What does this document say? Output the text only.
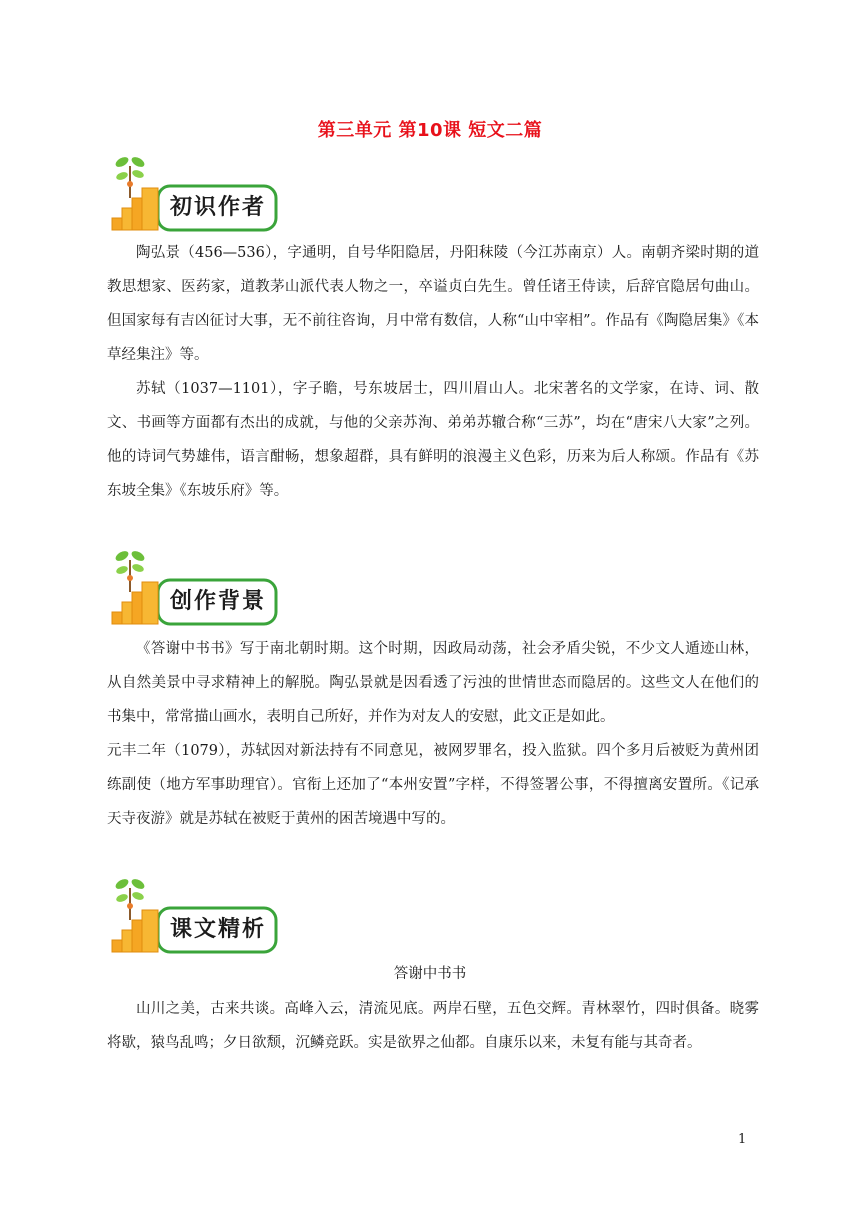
第三单元 第10课 短文二篇
初识作者

陶弘景（456—536），字通明，自号华阳隐居，丹阳秣陵（今江苏南京）人。南朝齐梁时期的道教思想家、医药家，道教茅山派代表人物之一，卒谥贞白先生。曾任诸王侍读，后辞官隐居句曲山。但国家每有吉凶征讨大事，无不前往咨询，月中常有数信，人称“山中宰相”。作品有《陶隐居集》《本草经集注》等。

苏轼（1037—1101），字子瞻，号东坡居士，四川眉山人。北宋著名的文学家，在诗、词、散文、书画等方面都有杰出的成就，与他的父亲苏洵、弟弟苏辙合称“三苏”，均在“唐宋八大家”之列。他的诗词气势雄伟，语言酣畅，想象超群，具有鲜明的浪漫主义色彩，历来为后人称颂。作品有《苏东坡全集》《东坡乐府》等。

创作背景

《答谢中书书》写于南北朝时期。这个时期，因政局动荡，社会矛盾尖锐，不少文人遁迹山林，从自然美景中寻求精神上的解脱。陶弘景就是因看透了污浊的世情世态而隐居的。这些文人在他们的书集中，常常描山画水，表明自己所好，并作为对友人的安慰，此文正是如此。

元丰二年（1079），苏轼因对新法持有不同意见，被网罗罪名，投入监狱。四个多月后被贬为黄州团练副使（地方军事助理官）。官衔上还加了“本州安置”字样，不得签署公事，不得擅离安置所。《记承天寺夜游》就是苏轼在被贬于黄州的困苦境遇中写的。

课文精析
答谢中书书

山川之美，古来共谈。高峰入云，清流见底。两岸石壁，五色交辉。青林翠竹，四时俱备。晓雾将歇，猿鸟乱鸣；夕日欲颓，沉鳞竞跃。实是欲界之仙都。自康乐以来，未复有能与其奇者。

1
